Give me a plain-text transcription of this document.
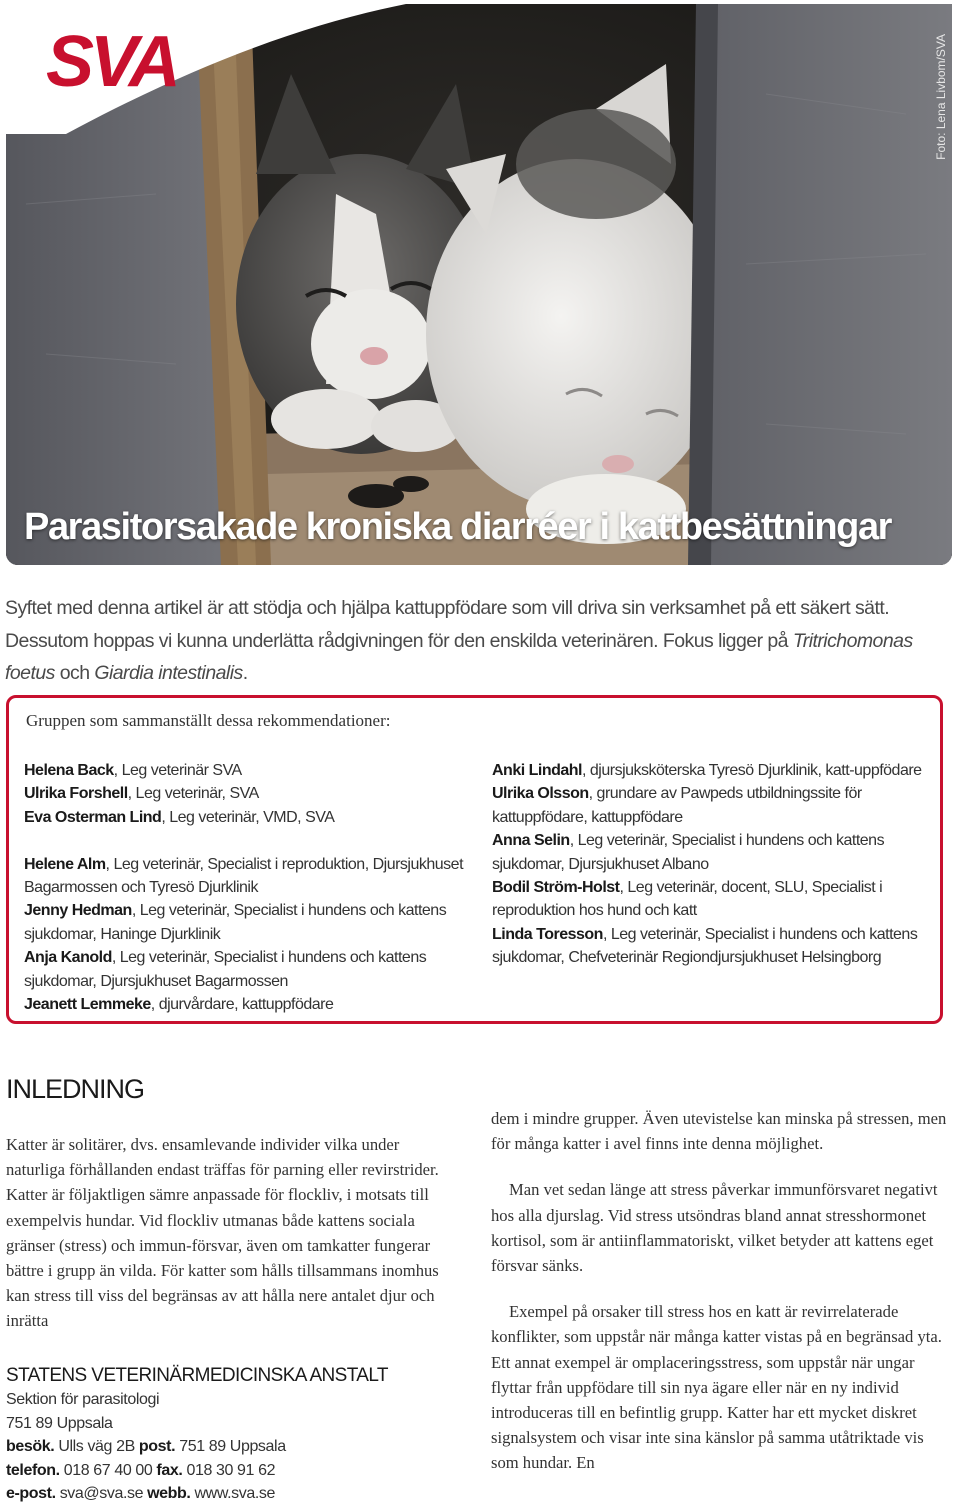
SVA	Foto: Lena Livbom/SVA
Parasitorsakade kroniska diarréer i kattbesättningar

Syftet med denna artikel är att stödja och hjälpa kattuppfödare som vill driva sin verksamhet på ett säkert sätt.
Dessutom hoppas vi kunna underlätta rådgivningen för den enskilda veterinären. Fokus ligger på Tritrichomonas foetus och Giardia intestinalis.

Gruppen som sammanställt dessa rekommendationer:

Helena Back, Leg veterinär SVA

Ulrika Forshell, Leg veterinär, SVA

Eva Osterman Lind, Leg veterinär, VMD, SVA

Helene Alm, Leg veterinär, Specialist i reproduktion, Djursjukhuset Bagarmossen och Tyresö Djurklinik

Jenny Hedman, Leg veterinär, Specialist i hundens och kattens sjukdomar, Haninge Djurklinik

Anja Kanold, Leg veterinär, Specialist i hundens och kattens sjukdomar, Djursjukhuset Bagarmossen

Jeanett Lemmeke, djurvårdare, kattuppfödare

Anki Lindahl, djursjuksköterska Tyresö Djurklinik, katt-uppfödare

Ulrika Olsson, grundare av Pawpeds utbildningssite för kattuppfödare, kattuppfödare

Anna Selin, Leg veterinär, Specialist i hundens och kattens sjukdomar, Djursjukhuset Albano

Bodil Ström-Holst, Leg veterinär, docent, SLU, Specialist i reproduktion hos hund och katt

Linda Toresson, Leg veterinär, Specialist i hundens och kattens sjukdomar, Chefveterinär Regiondjursjukhuset Helsingborg

INLEDNING

Katter är solitärer, dvs. ensamlevande individer vilka under naturliga förhållanden endast träffas för parning eller revirstrider. Katter är följaktligen sämre anpassade för flockliv, i motsats till exempelvis hundar. Vid flockliv utmanas både kattens sociala gränser (stress) och immun-försvar, även om tamkatter fungerar bättre i grupp än vilda. För katter som hålls tillsammans inomhus kan stress till viss del begränsas av att hålla nere antalet djur och inrätta

dem i mindre grupper. Även utevistelse kan minska på stressen, men för många katter i avel finns inte denna möjlighet.

Man vet sedan länge att stress påverkar immunförsvaret negativt hos alla djurslag. Vid stress utsöndras bland annat stresshormonet kortisol, som är antiinflammatoriskt, vilket betyder att kattens eget försvar sänks.

Exempel på orsaker till stress hos en katt är revirrelaterade konflikter, som uppstår när många katter vistas på en begränsad yta. Ett annat exempel är omplaceringsstress, som uppstår när ungar flyttar från uppfödare till sin nya ägare eller när en ny individ introduceras till en befintlig grupp. Katter har ett mycket diskret signalsystem och visar inte sina känslor på samma utåtriktade vis som hundar. En

STATENS VETERINÄRMEDICINSKA ANSTALT
Sektion för parasitologi
751 89 Uppsala
besök. Ulls väg 2B post. 751 89 Uppsala
telefon. 018 67 40 00 fax. 018 30 91 62
e-post. sva@sva.se webb. www.sva.se
